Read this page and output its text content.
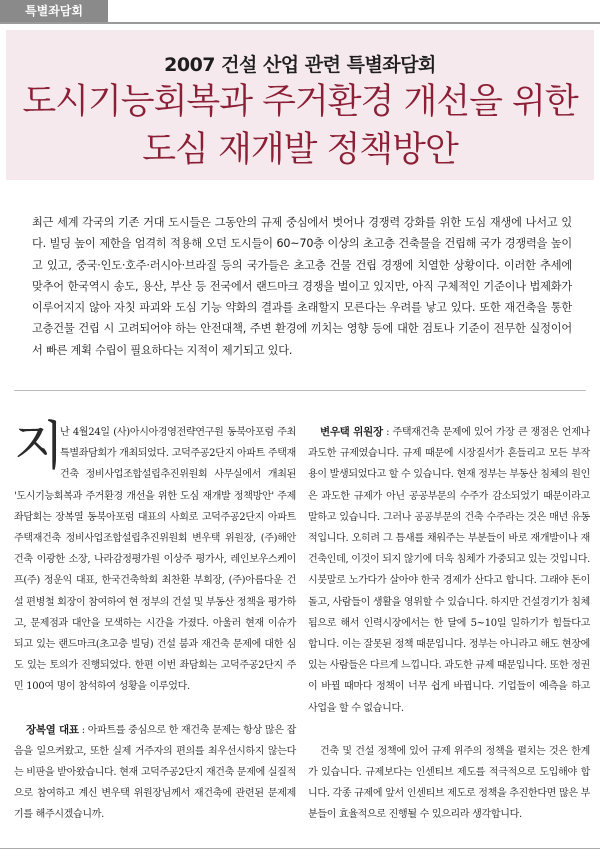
특별좌담회
2007 건설 산업 관련 특별좌담회
도시기능회복과 주거환경 개선을 위한
도심 재개발 정책방안

최근 세계 각국의 기존 거대 도시들은 그동안의 규제 중심에서 벗어나 경쟁력 강화를 위한 도심 재생에 나서고 있다. 빌딩 높이 제한을 엄격히 적용해 오던 도시들이 60~70층 이상의 초고층 건축물을 건립해 국가 경쟁력을 높이고 있고, 중국·인도·호주·러시아·브라질 등의 국가들은 초고층 건물 건립 경쟁에 치열한 상황이다. 이러한 추세에 맞추어 한국역시 송도, 용산, 부산 등 전국에서 랜드마크 경쟁을 벌이고 있지만, 아직 구체적인 기준이나 법제화가 이루어지지 않아 자칫 파괴와 도심 기능 약화의 결과를 초래할지 모른다는 우려를 낳고 있다. 또한 재건축을 통한 고층건물 건립 시 고려되어야 하는 안전대책, 주변 환경에 끼치는 영향 등에 대한 검토나 기준이 전무한 실정이어서 빠른 계획 수립이 필요하다는 지적이 제기되고 있다.

지
난 4월24일 (사)아시아경영전략연구원 동북아포럼 주최 특별좌담회가 개최되었다. 고덕주공2단지 아파트 주택재건축 정비사업조합설립추진위원회 사무실에서 개최된 '도시기능회복과 주거환경 개선을 위한 도심 재개발 정책방안' 주제 좌담회는 장복열 동북아포럼 대표의 사회로 고덕주공2단지 아파트 주택재건축 정비사업조합설립추진위원회 변우택 위원장, (주)해안건축 이광한 소장, 나라감정평가원 이상주 평가사, 레인보우스케이프(주) 정운익 대표, 한국건축학회 최찬환 부회장, (주)아름다운 건설 편병철 회장이 참여하여 현 정부의 건설 및 부동산 정책을 평가하고, 문제점과 대안을 모색하는 시간을 가졌다. 아울러 현재 이슈가 되고 있는 랜드마크(초고층 빌딩) 건설 붐과 재건축 문제에 대한 심도 있는 토의가 진행되었다. 한편 이번 좌담회는 고덕주공2단지 주민 100여 명이 참석하여 성황을 이루었다.

장복열 대표 : 아파트를 중심으로 한 재건축 문제는 항상 많은 잡음을 일으켜왔고, 또한 실제 거주자의 편의를 최우선시하지 않는다는 비판을 받아왔습니다. 현재 고덕주공2단지 재건축 문제에 실질적으로 참여하고 계신 변우택 위원장님께서 재건축에 관련된 문제제기를 해주시겠습니까.

변우택 위원장 : 주택재건축 문제에 있어 가장 큰 쟁점은 언제나 과도한 규제였습니다. 규제 때문에 시장질서가 흔들리고 모든 부작용이 발생되었다고 할 수 있습니다. 현재 정부는 부동산 침체의 원인은 과도한 규제가 아닌 공공부문의 수주가 감소되었기 때문이라고 말하고 있습니다. 그러나 공공부문의 건축 수주라는 것은 매년 유동적입니다. 오히려 그 틈새를 채워주는 부분들이 바로 재개발이나 재건축인데, 이것이 되지 않기에 더욱 침체가 가중되고 있는 것입니다. 시붓말로 노가다가 살아야 한국 경제가 산다고 합니다. 그래야 돈이 돌고, 사람들이 생활을 영위할 수 있습니다. 하지만 건설경기가 침체됨으로 해서 인력시장에서는 한 달에 5~10일 일하기가 힘들다고 합니다. 이는 잘못된 정책 때문입니다. 정부는 아니라고 해도 현장에 있는 사람들은 다르게 느낍니다. 과도한 규제 때문입니다. 또한 정권이 바뀔 때마다 정책이 너무 쉽게 바뀝니다. 기업들이 예측을 하고 사업을 할 수 없습니다.

건축 및 건설 정책에 있어 규제 위주의 정책을 펼치는 것은 한계가 있습니다. 규제보다는 인센티브 제도를 적극적으로 도입해야 합니다. 각종 규제에 앞서 인센티브 제도로 정책을 추진한다면 많은 부분들이 효율적으로 진행될 수 있으리라 생각합니다.
